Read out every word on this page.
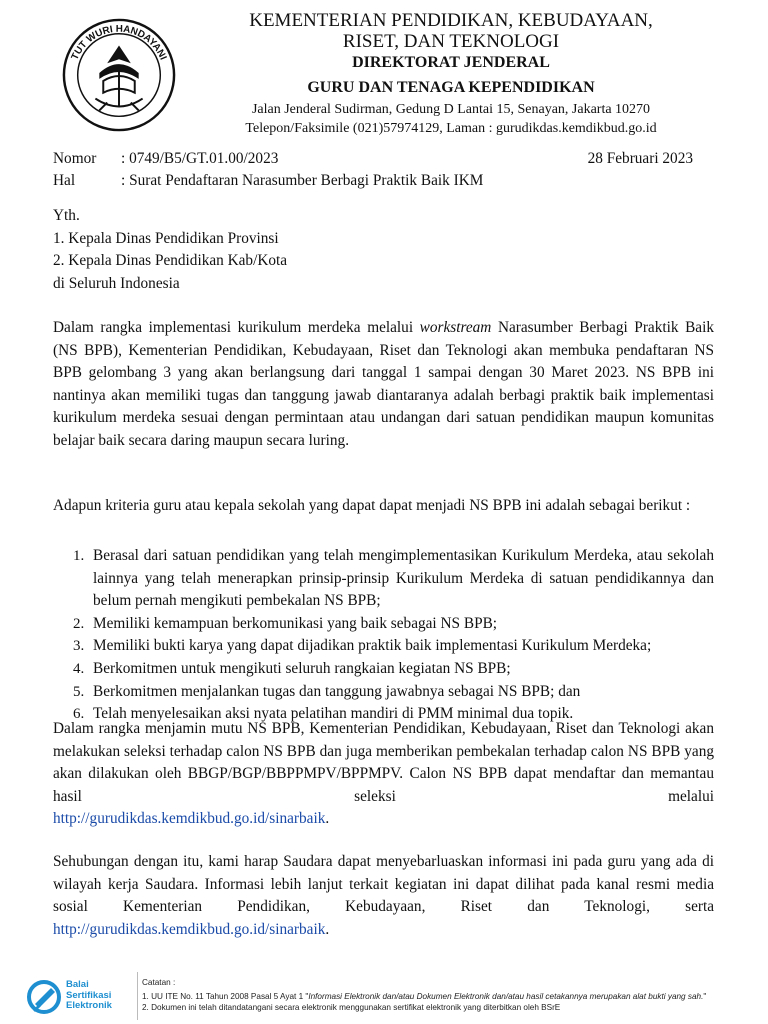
TUT WURI HANDAYANI
KEMENTERIAN PENDIDIKAN, KEBUDAYAAN,
RISET, DAN TEKNOLOGI
DIREKTORAT JENDERAL
GURU DAN TENAGA KEPENDIDIKAN
Jalan Jenderal Sudirman, Gedung D Lantai 15, Senayan, Jakarta 10270
Telepon/Faksimile (021)57974129, Laman : gurudikdas.kemdikbud.go.id
Nomor	: 0749/B5/GT.01.00/2023
Hal	: Surat Pendaftaran Narasumber Berbagi Praktik Baik IKM
28 Februari 2023
Yth.
1. Kepala Dinas Pendidikan Provinsi
2. Kepala Dinas Pendidikan Kab/Kota
di Seluruh Indonesia
Dalam rangka implementasi kurikulum merdeka melalui workstream Narasumber Berbagi Praktik Baik (NS BPB), Kementerian Pendidikan, Kebudayaan, Riset dan Teknologi akan membuka pendaftaran NS BPB gelombang 3 yang akan berlangsung dari tanggal 1 sampai dengan 30 Maret 2023. NS BPB ini nantinya akan memiliki tugas dan tanggung jawab diantaranya adalah berbagi praktik baik implementasi kurikulum merdeka sesuai dengan permintaan atau undangan dari satuan pendidikan maupun komunitas belajar baik secara daring maupun secara luring.
Adapun kriteria guru atau kepala sekolah yang dapat dapat menjadi NS BPB ini adalah sebagai berikut :
1. Berasal dari satuan pendidikan yang telah mengimplementasikan Kurikulum Merdeka, atau sekolah lainnya yang telah menerapkan prinsip-prinsip Kurikulum Merdeka di satuan pendidikannya dan belum pernah mengikuti pembekalan NS BPB;
2. Memiliki kemampuan berkomunikasi yang baik sebagai NS BPB;
3. Memiliki bukti karya yang dapat dijadikan praktik baik implementasi Kurikulum Merdeka;
4. Berkomitmen untuk mengikuti seluruh rangkaian kegiatan NS BPB;
5. Berkomitmen menjalankan tugas dan tanggung jawabnya sebagai NS BPB; dan
6. Telah menyelesaikan aksi nyata pelatihan mandiri di PMM minimal dua topik.
Dalam rangka menjamin mutu NS BPB, Kementerian Pendidikan, Kebudayaan, Riset dan Teknologi akan melakukan seleksi terhadap calon NS BPB dan juga memberikan pembekalan terhadap calon NS BPB yang akan dilakukan oleh BBGP/BGP/BBPPMPV/BPPMPV. Calon NS BPB dapat mendaftar dan memantau hasil seleksi melalui
http://gurudikdas.kemdikbud.go.id/sinarbaik.
Sehubungan dengan itu, kami harap Saudara dapat menyebarluaskan informasi ini pada guru yang ada di wilayah kerja Saudara. Informasi lebih lanjut terkait kegiatan ini dapat dilihat pada kanal resmi media sosial Kementerian Pendidikan, Kebudayaan, Riset dan Teknologi, serta
http://gurudikdas.kemdikbud.go.id/sinarbaik.
Balai
Sertifikasi
Elektronik
Catatan :
1. UU ITE No. 11 Tahun 2008 Pasal 5 Ayat 1 "Informasi Elektronik dan/atau Dokumen Elektronik dan/atau hasil cetakannya merupakan alat bukti yang sah."
2. Dokumen ini telah ditandatangani secara elektronik menggunakan sertifikat elektronik yang diterbitkan oleh BSrE
